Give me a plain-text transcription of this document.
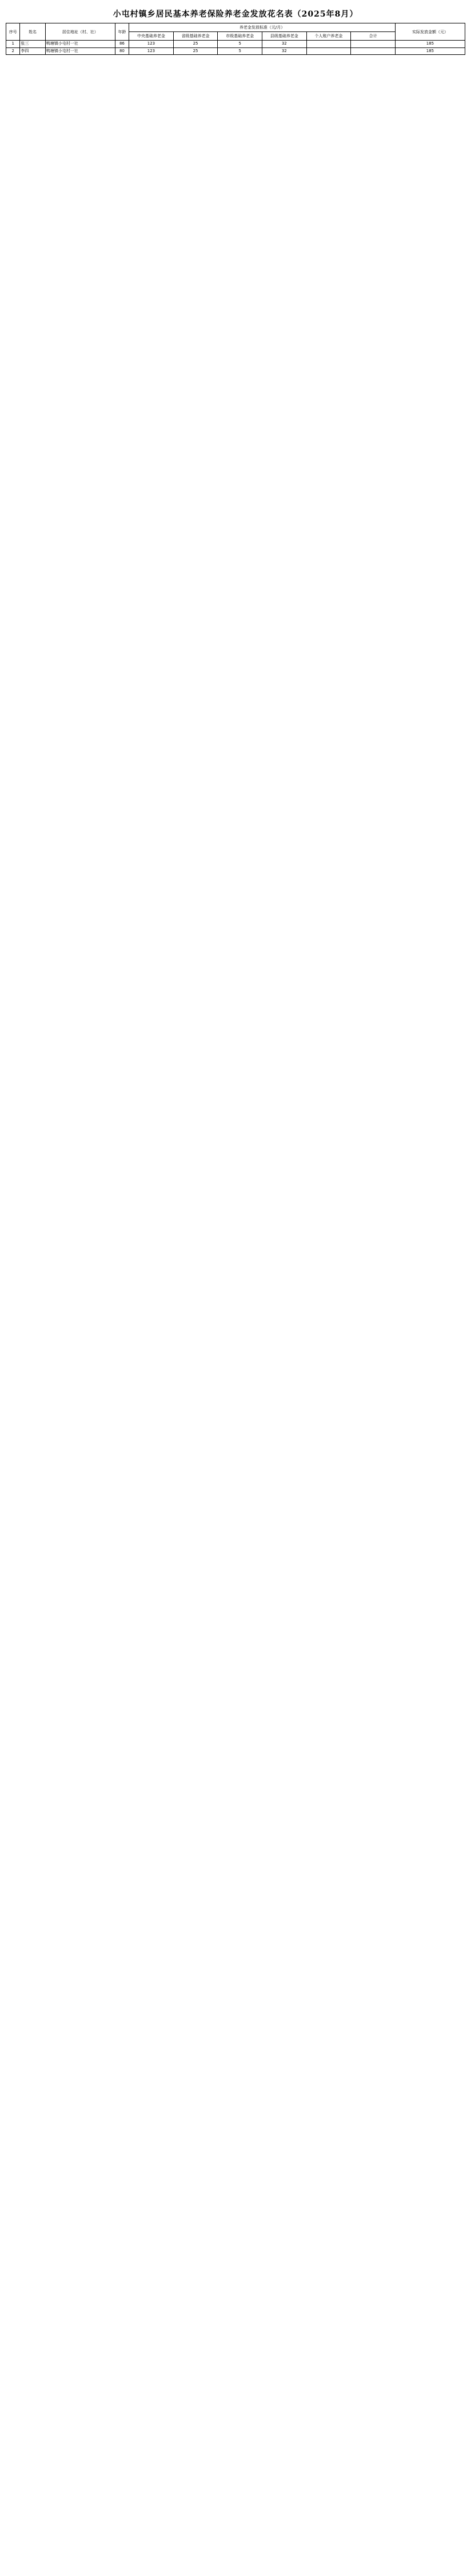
小屯村镇乡居民基本养老保险养老金发放花名表（2025年8月）
序号	姓名	居住地址（村、社）	年龄	养老金发放标准（元/月）						实际发放金额（元）
				中央基础养老金	省级基础养老金	市级基础养老金	县级基础养老金	个人账户养老金	合计	
1	张三	鸭塘镇小屯村一社	86	123	25	5	32			185
2	李四	鸭塘镇小屯村一社	80	123	25	5	32			185
